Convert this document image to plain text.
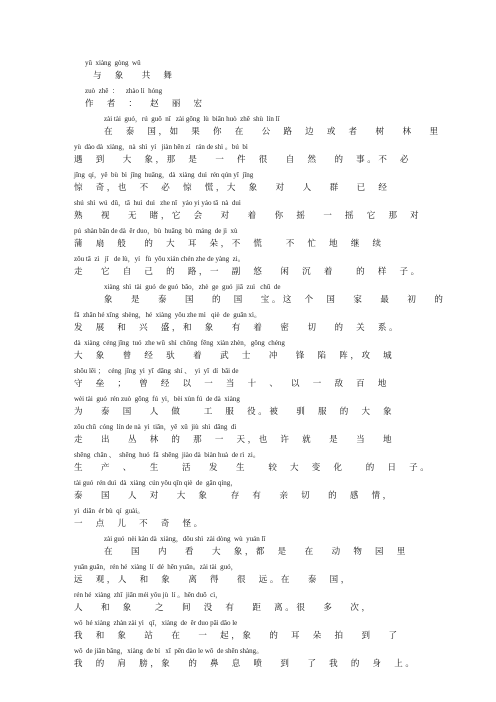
yǔ  xiàng  gòng  wǔ
与  象   共  舞
zuò  zhě  ：    zhào lì  hóng
作  者  ：  赵  丽  宏
zài tài  guó，rú  guǒ  nǐ   zài gōng  lù  biān huò  zhě  shù  lín lǐ
在  泰  国，如  果  你  在   公  路  边  或  者   树   林   里
yù  dào dà  xiàng，nà  shì  yí   jiàn hěn zì   rán de shì 。bú  bì
遇  到   大  象，那  是   一  件  很   自  然   的  事。不  必
jīng  qí，yě  bù  bì  jīng  huāng，dà  xiàng  duì  rén qún yī  jīng
惊  奇，也  不  必  惊  慌，大  象   对   人   群   已  经
shú  shì  wú  dǔ，tā  huì  duì   zhe nǐ   yáo yi yáo tā  nà  duì
熟   视   无  睹，它  会   对   着   你  摇   一  摇  它  那  对
pú  shàn bān de dà  ěr duo，bù  huāng  bù  máng  de jì  xù
蒲  扇  般   的  大  耳  朵，不  慌    不  忙  地  继  续
zǒu tā  zì   jǐ   de lù，yí   fù  yōu xián chén zhe de yàng  zi。
走   它  自  己  的  路，一  副  悠   闲  沉  着    的  样  子。
xiàng  shì  tài  guó  de guó  bǎo，zhè  ge  guó  jiā  zuì   chū  de
象   是   泰   国   的  国   宝。这  个  国   家   最   初   的
fā  zhǎn hé xīng  shèng，hé  xiàng  yǒu zhe mì   qiè  de  guān xì。
发  展  和  兴  盛，和  象   有  着   密   切   的  关  系。
dà  xiàng  céng jīng  tuó  zhe wǔ  shì  chōng  fēng  xiàn zhèn，gōng  chéng
大  象   曾  经  驮   着   武  士   冲   锋  陷  阵，攻  城
shǒu lěi ；  céng  jīng  yì  yī  dāng  shí 、  yì  yī  dí  bǎi de
守  垒  ；  曾  经  以  一  当  十  、  以  一  敌  百  地
wèi tài  guó  rén zuò  gōng  fú  yì，bèi xùn fú  de dà  xiàng
为   泰  国   人  做    工  服  役。被   驯  服  的  大  象
zǒu chū  cóng  lín de nà  yì  tiān，yě  xǔ  jiù  shì  dāng  dì
走   出   丛  林  的  那  一  天，也  许  就   是   当   地
shēng  chǎn 、  shēng  huó  fā  shēng  jiào dà  biàn huà  de rì  zi。
生   产  、   生    活   发   生    较  大  变  化    的  日  子。
tài guó  rén duì  dà  xiàng  cún yǒu qīn qiè  de  gǎn qíng，
泰   国   人  对   大  象    存  有   亲  切   的  感  情，
yì  diǎn  ér bù  qí  guài。
一  点  儿  不  奇  怪。
zài guó  nèi kàn dà  xiàng，dōu shì  zài dòng  wù  yuán lǐ
在   国   内   看   大  象，都  是   在   动  物  园  里
yuǎn guān，rén hé  xiàng  lí  dé  hěn yuǎn。zài tài  guó，
远  观，人  和  象   离  得   很  远。在   泰  国，
rén hé  xiàng  zhī  jiān méi yǒu jù  lí 。hěn duō  cì，
人   和  象    之   间  没  有   距  离。很   多   次，
wǒ  hé xiàng  zhàn zài yì   qǐ，xiàng  de  ěr duo pāi dǎo le
我  和  象   站   在   一  起，象   的  耳  朵  拍   到   了
wǒ  de jiān bǎng，xiàng  de bí   xī  pēn dào le wǒ  de shēn shàng。
我  的  肩  膀，象   的  鼻  息  喷   到   了  我  的  身  上。
